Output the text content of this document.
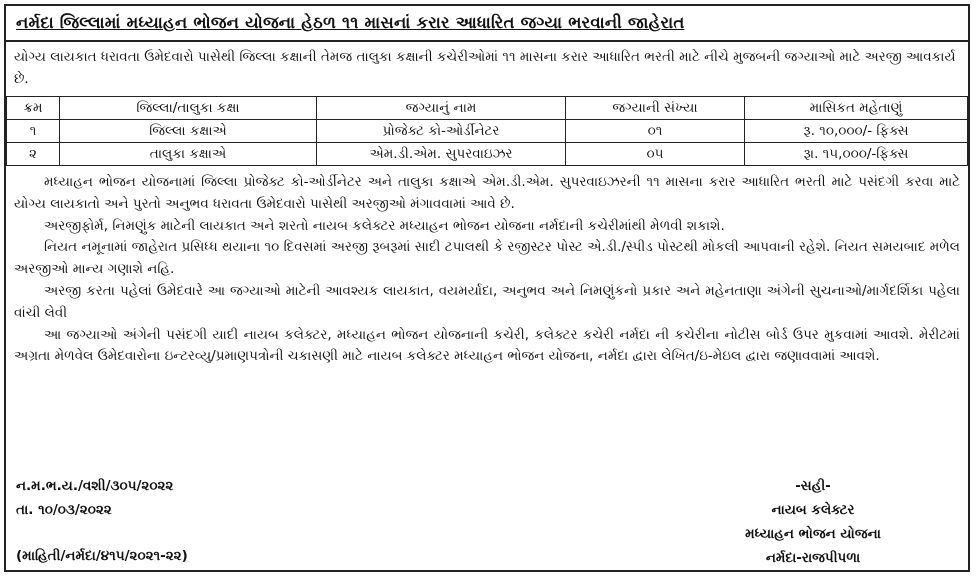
નર્મદા જિલ્લામાં મધ્યાહન ભોજન યોજના હેઠળ ૧૧ માસનાં કરાર આધારિત જગ્યા ભરવાની જાહેરાત
યોગ્ય લાયકાત ધરાવતા ઉમેદવારો પાસેથી જિલ્લા કક્ષાની તેમજ તાલુકા કક્ષાની કચેરીઓમાં ૧૧ માસના કરાર આધારિત ભરતી માટે નીચે મુજબની જગ્યાઓ માટે અરજી આવકાર્ય છે.
ક્રમ	જિલ્લા/તાલુકા કક્ષા	જગ્યાનું નામ	જગ્યાની સંખ્યા	માસિકત મહેતાણું
૧	જિલ્લા કક્ષાએ	પ્રોજેક્ટ કો-ઓર્ડીનેટર	૦૧	રૂ. ૧૦,૦૦૦/- ફિક્સ
૨	તાલુકા કક્ષાએ	એમ.ડી.એમ. સુપરવાઇઝર	૦૫	રૂા. ૧૫,૦૦૦/-ફિક્સ

મધ્યાહન ભોજન યોજનામાં જિલ્લા પ્રોજેક્ટ કો-ઓર્ડીનેટર અને તાલુકા કક્ષાએ એમ.ડી.એમ. સુપરવાઇઝરની ૧૧ માસના કરાર આધારિત ભરતી માટે પસંદગી કરવા માટે યોગ્ય લાયકાતો અને પુરતો અનુભવ ધરાવતા ઉમેદવારો પાસેથી અરજીઓ મંગાવવામાં આવે છે.

અરજીફોર્મ, નિમણુંક માટેની લાયકાત અને શરતો નાયબ કલેક્ટર મધ્યાહન ભોજન યોજના નર્મદાની કચેરીમાંથી મેળવી શકાશે.

નિયત નમૂનામાં જાહેરાત પ્રસિધ્ધ થયાના ૧૦ દિવસમાં અરજી રૂબરૂમાં સાદી ટપાલથી કે રજીસ્ટર પોસ્ટ એ.ડી./સ્પીડ પોસ્ટથી મોકલી આપવાની રહેશે. નિયત સમયબાદ મળેલ અરજીઓ માન્ય ગણાશે નહિ.

અરજી કરતા પહેલાં ઉમેદવારે આ જગ્યાઓ માટેની આવશ્યક લાયકાત, વયમર્યાદા, અનુભવ અને નિમણુંકનો પ્રકાર અને મહેનતાણા અંગેની સુચનાઓ/માર્ગદર્શિકા પહેલા વાંચી લેવી

આ જગ્યાઓ અંગેની પસંદગી યાદી નાયબ કલેક્ટર, મધ્યાહન ભોજન યોજનાની કચેરી, કલેક્ટર કચેરી નર્મદા ની કચેરીના નોટીસ બોર્ડ ઉપર મુકવામાં આવશે. મેરીટમાં અગ્રતા મેળવેલ ઉમેદવારોના ઇન્ટરવ્યુ/પ્રમાણપત્રોની ચકાસણી માટે નાયબ કલેક્ટર મધ્યાહન ભોજન યોજના, નર્મદા દ્વારા લેખિત/ઇ-મેઇલ દ્વારા જણાવવામાં આવશે.

ન.મ.ભ.ય./વશી/૩૦૫/૨૦૨૨
તા. ૧૦/૦૩/૨૦૨૨
(માહિતી/નર્મદા/૪૧૫/૨૦૨૧-૨૨)
-સહી-
નાયબ કલેક્ટર
મધ્યાહન ભોજન યોજના
નર્મદા-રાજપીપળા
